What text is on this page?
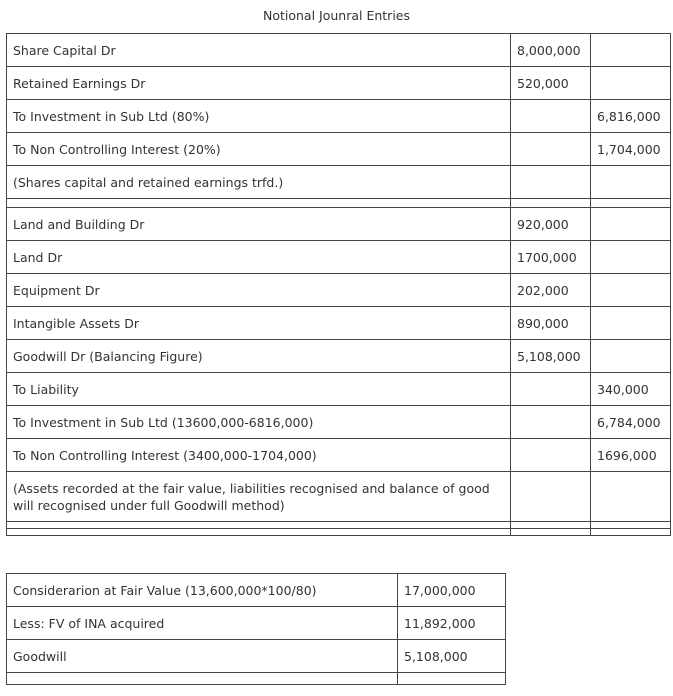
Notional Jounral Entries
Share Capital Dr	8,000,000	
Retained Earnings Dr	520,000	
To Investment in Sub Ltd (80%)		6,816,000
To Non Controlling Interest (20%)		1,704,000
(Shares capital and retained earnings trfd.)		

Land and Building Dr	920,000	
Land Dr	1700,000	
Equipment Dr	202,000	
Intangible Assets Dr	890,000	
Goodwill Dr (Balancing Figure)	5,108,000	
To Liability		340,000
To Investment in Sub Ltd (13600,000-6816,000)		6,784,000
To Non Controlling Interest (3400,000-1704,000)		1696,000
(Assets recorded at the fair value, liabilities recognised and balance of good will recognised under full Goodwill method)		

Considerarion at Fair Value (13,600,000*100/80)	17,000,000
Less: FV of INA acquired	11,892,000
Goodwill	5,108,000
